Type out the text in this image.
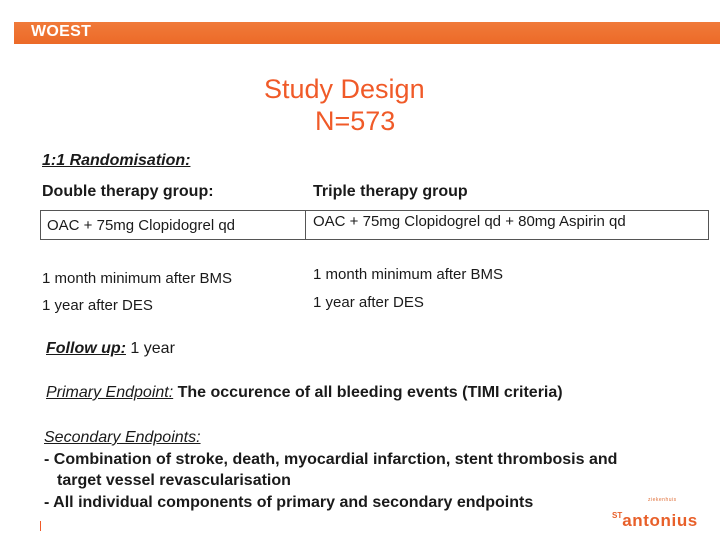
WOEST
Study Design
N=573
1:1 Randomisation:
Double therapy group:	Triple therapy group
OAC + 75mg Clopidogrel qd	OAC + 75mg Clopidogrel qd + 80mg Aspirin qd
1 month minimum after BMS	1 month minimum after BMS
1 year after DES	1 year after DES
Follow up: 1 year
Primary Endpoint: The occurence of all bleeding events (TIMI criteria)
Secondary Endpoints:
- Combination of stroke, death, myocardial infarction, stent thrombosis and
target vessel revascularisation
- All individual components of primary and secondary endpoints	ziekenhuis
$^{ST}$antonius
